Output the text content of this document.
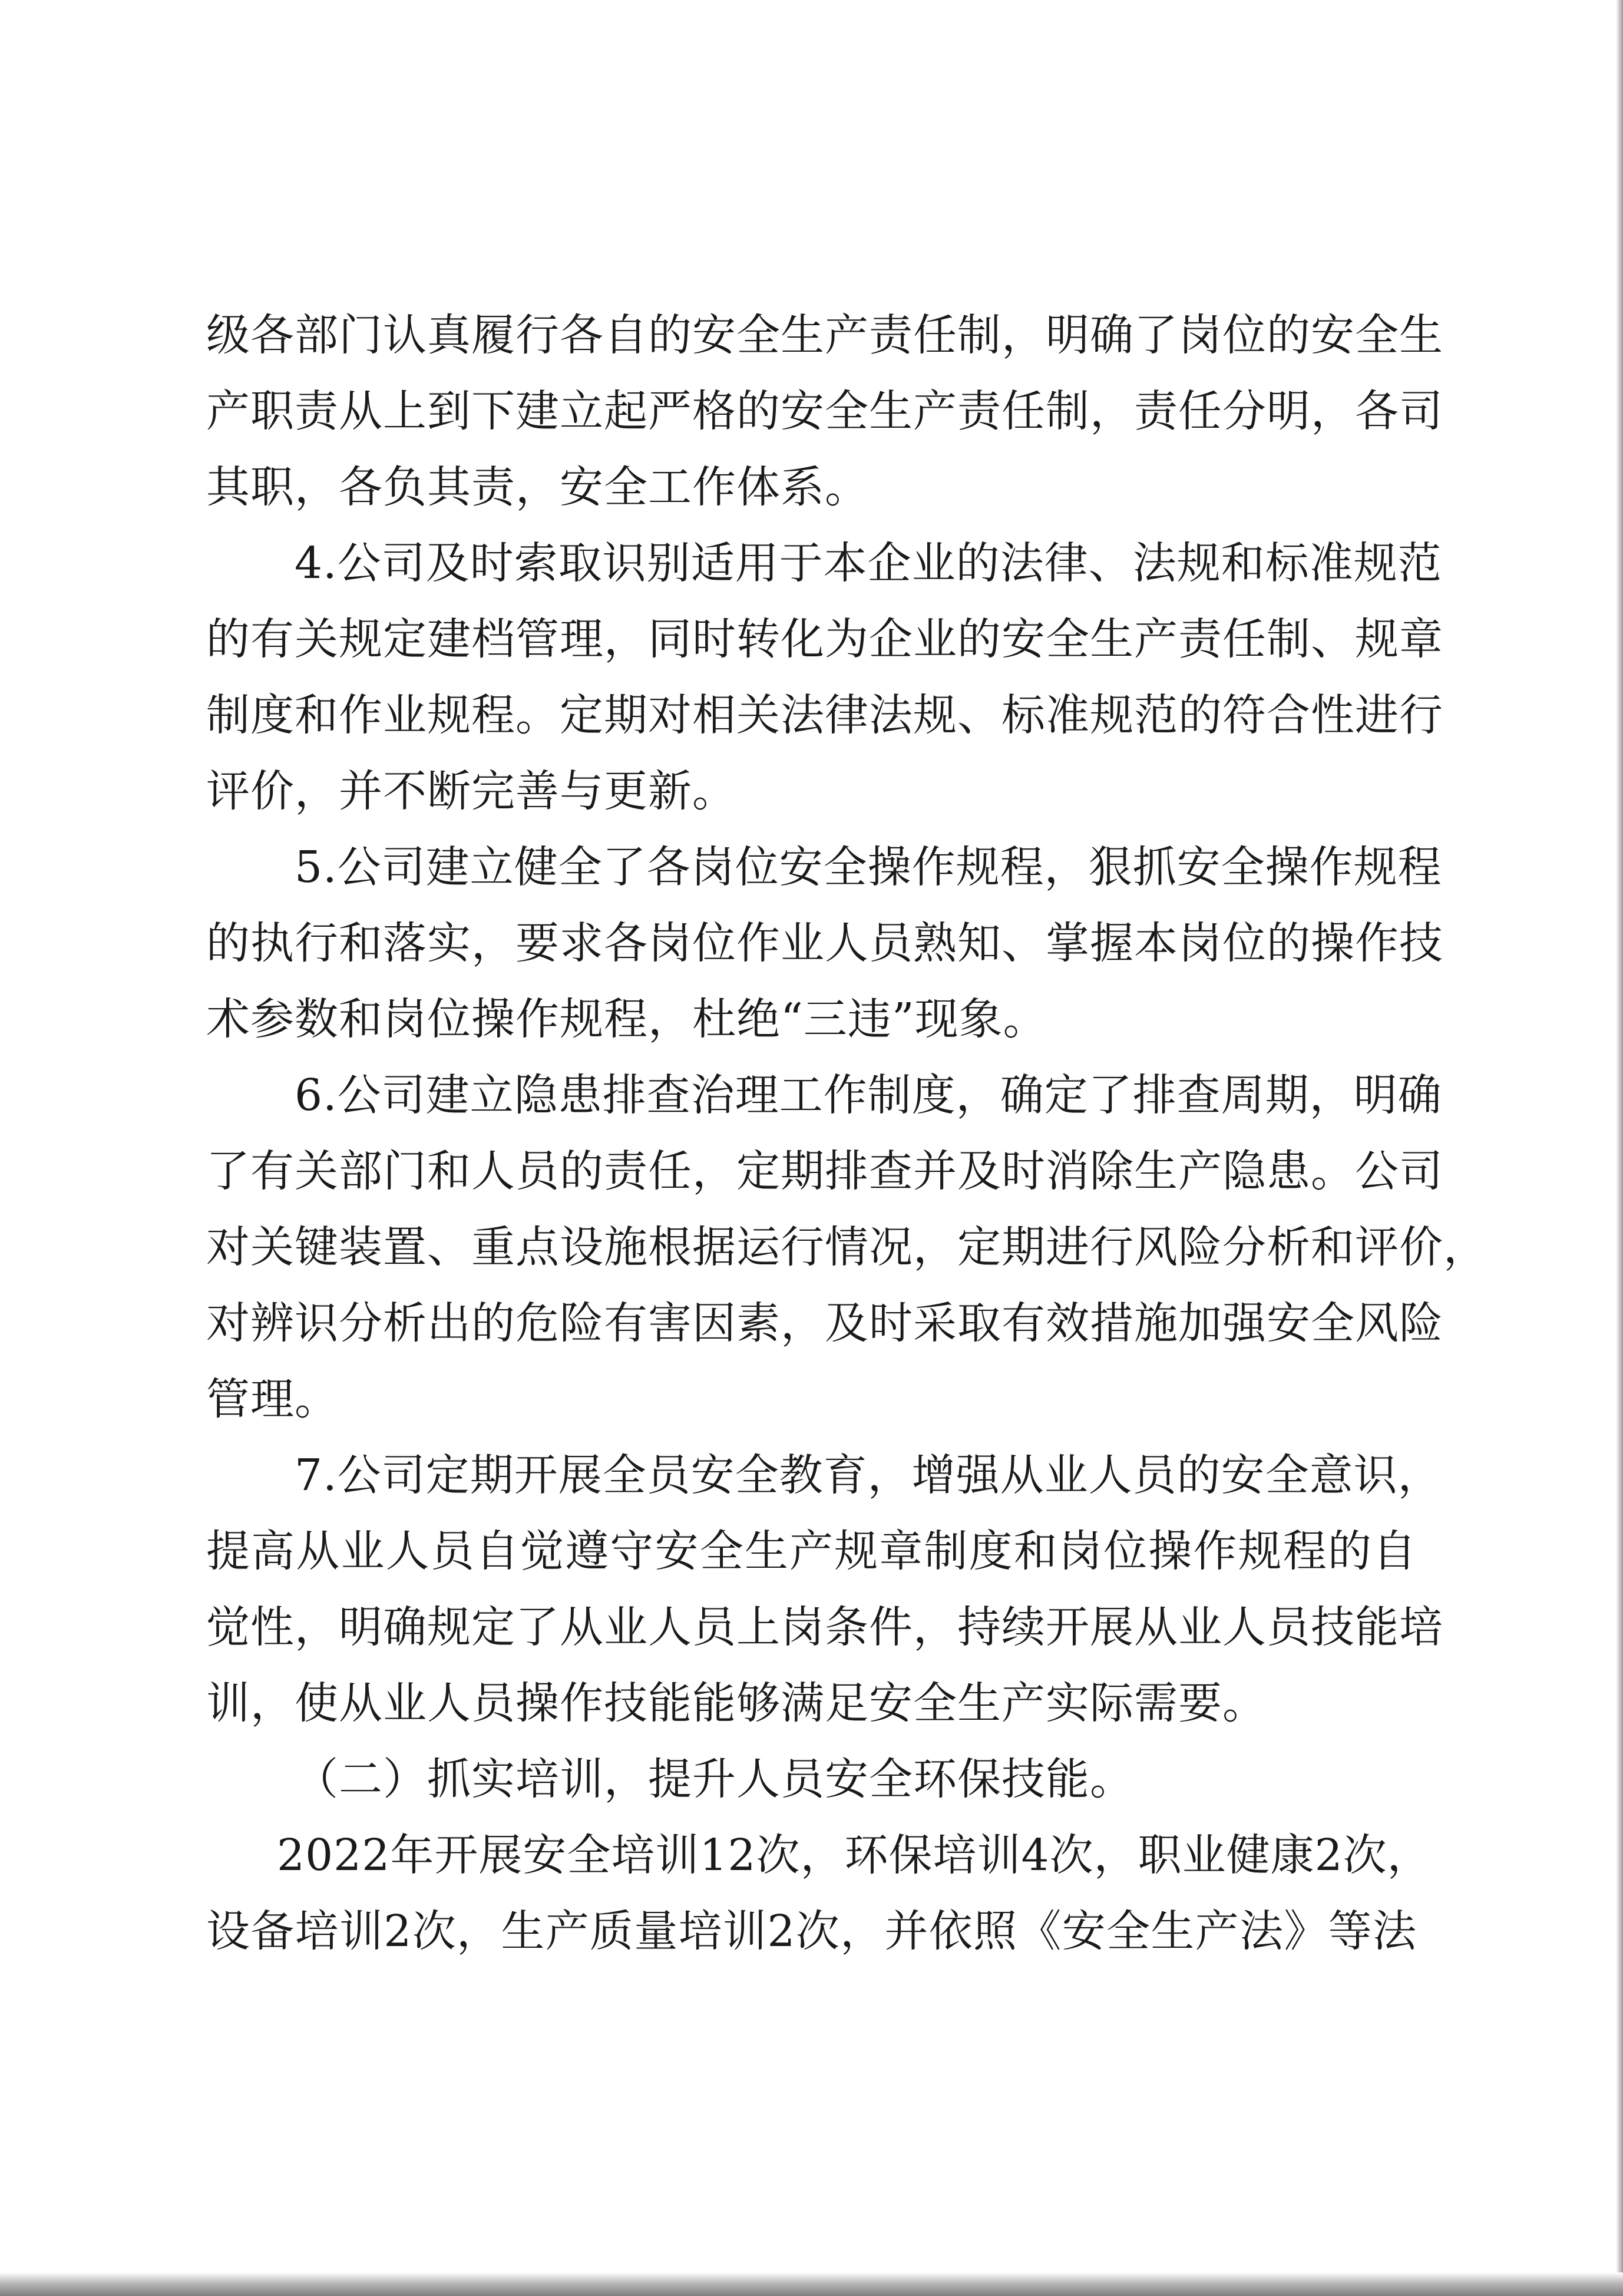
级各部门认真履行各自的安全生产责任制，明确了岗位的安全生
产职责从上到下建立起严格的安全生产责任制，责任分明，各司
其职，各负其责，安全工作体系。
4.公司及时索取识别适用于本企业的法律、法规和标准规范
的有关规定建档管理，同时转化为企业的安全生产责任制、规章
制度和作业规程。定期对相关法律法规、标准规范的符合性进行
评价，并不断完善与更新。
5.公司建立健全了各岗位安全操作规程，狠抓安全操作规程
的执行和落实，要求各岗位作业人员熟知、掌握本岗位的操作技
术参数和岗位操作规程，杜绝“三违”现象。
6.公司建立隐患排查治理工作制度，确定了排查周期，明确
了有关部门和人员的责任，定期排查并及时消除生产隐患。公司
对关键装置、重点设施根据运行情况，定期进行风险分析和评价，
对辨识分析出的危险有害因素，及时采取有效措施加强安全风险
管理。
7.公司定期开展全员安全教育，增强从业人员的安全意识，
提高从业人员自觉遵守安全生产规章制度和岗位操作规程的自
觉性，明确规定了从业人员上岗条件，持续开展从业人员技能培
训，使从业人员操作技能能够满足安全生产实际需要。
（二）抓实培训，提升人员安全环保技能。
2022年开展安全培训12次，环保培训4次，职业健康2次，
设备培训2次，生产质量培训2次，并依照《安全生产法》等法
